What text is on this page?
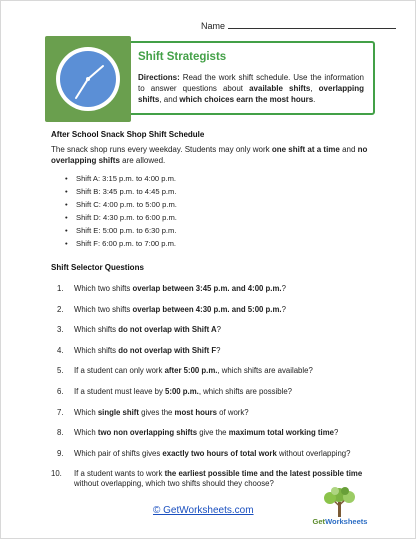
Name
Shift Strategists
Directions: Read the work shift schedule. Use the information to answer questions about available shifts, overlapping shifts, and which choices earn the most hours.
After School Snack Shop Shift Schedule
The snack shop runs every weekday. Students may only work one shift at a time and no overlapping shifts are allowed.
• Shift A: 3:15 p.m. to 4:00 p.m.
• Shift B: 3:45 p.m. to 4:45 p.m.
• Shift C: 4:00 p.m. to 5:00 p.m.
• Shift D: 4:30 p.m. to 6:00 p.m.
• Shift E: 5:00 p.m. to 6:30 p.m.
• Shift F: 6:00 p.m. to 7:00 p.m.
Shift Selector Questions
1. Which two shifts overlap between 3:45 p.m. and 4:00 p.m.?
2. Which two shifts overlap between 4:30 p.m. and 5:00 p.m.?
3. Which shifts do not overlap with Shift A?
4. Which shifts do not overlap with Shift F?
5. If a student can only work after 5:00 p.m., which shifts are available?
6. If a student must leave by 5:00 p.m., which shifts are possible?
7. Which single shift gives the most hours of work?
8. Which two non overlapping shifts give the maximum total working time?
9. Which pair of shifts gives exactly two hours of total work without overlapping?
10. If a student wants to work the earliest possible time and the latest possible time without overlapping, which two shifts should they choose?
© GetWorksheets.com
GetWorksheets
